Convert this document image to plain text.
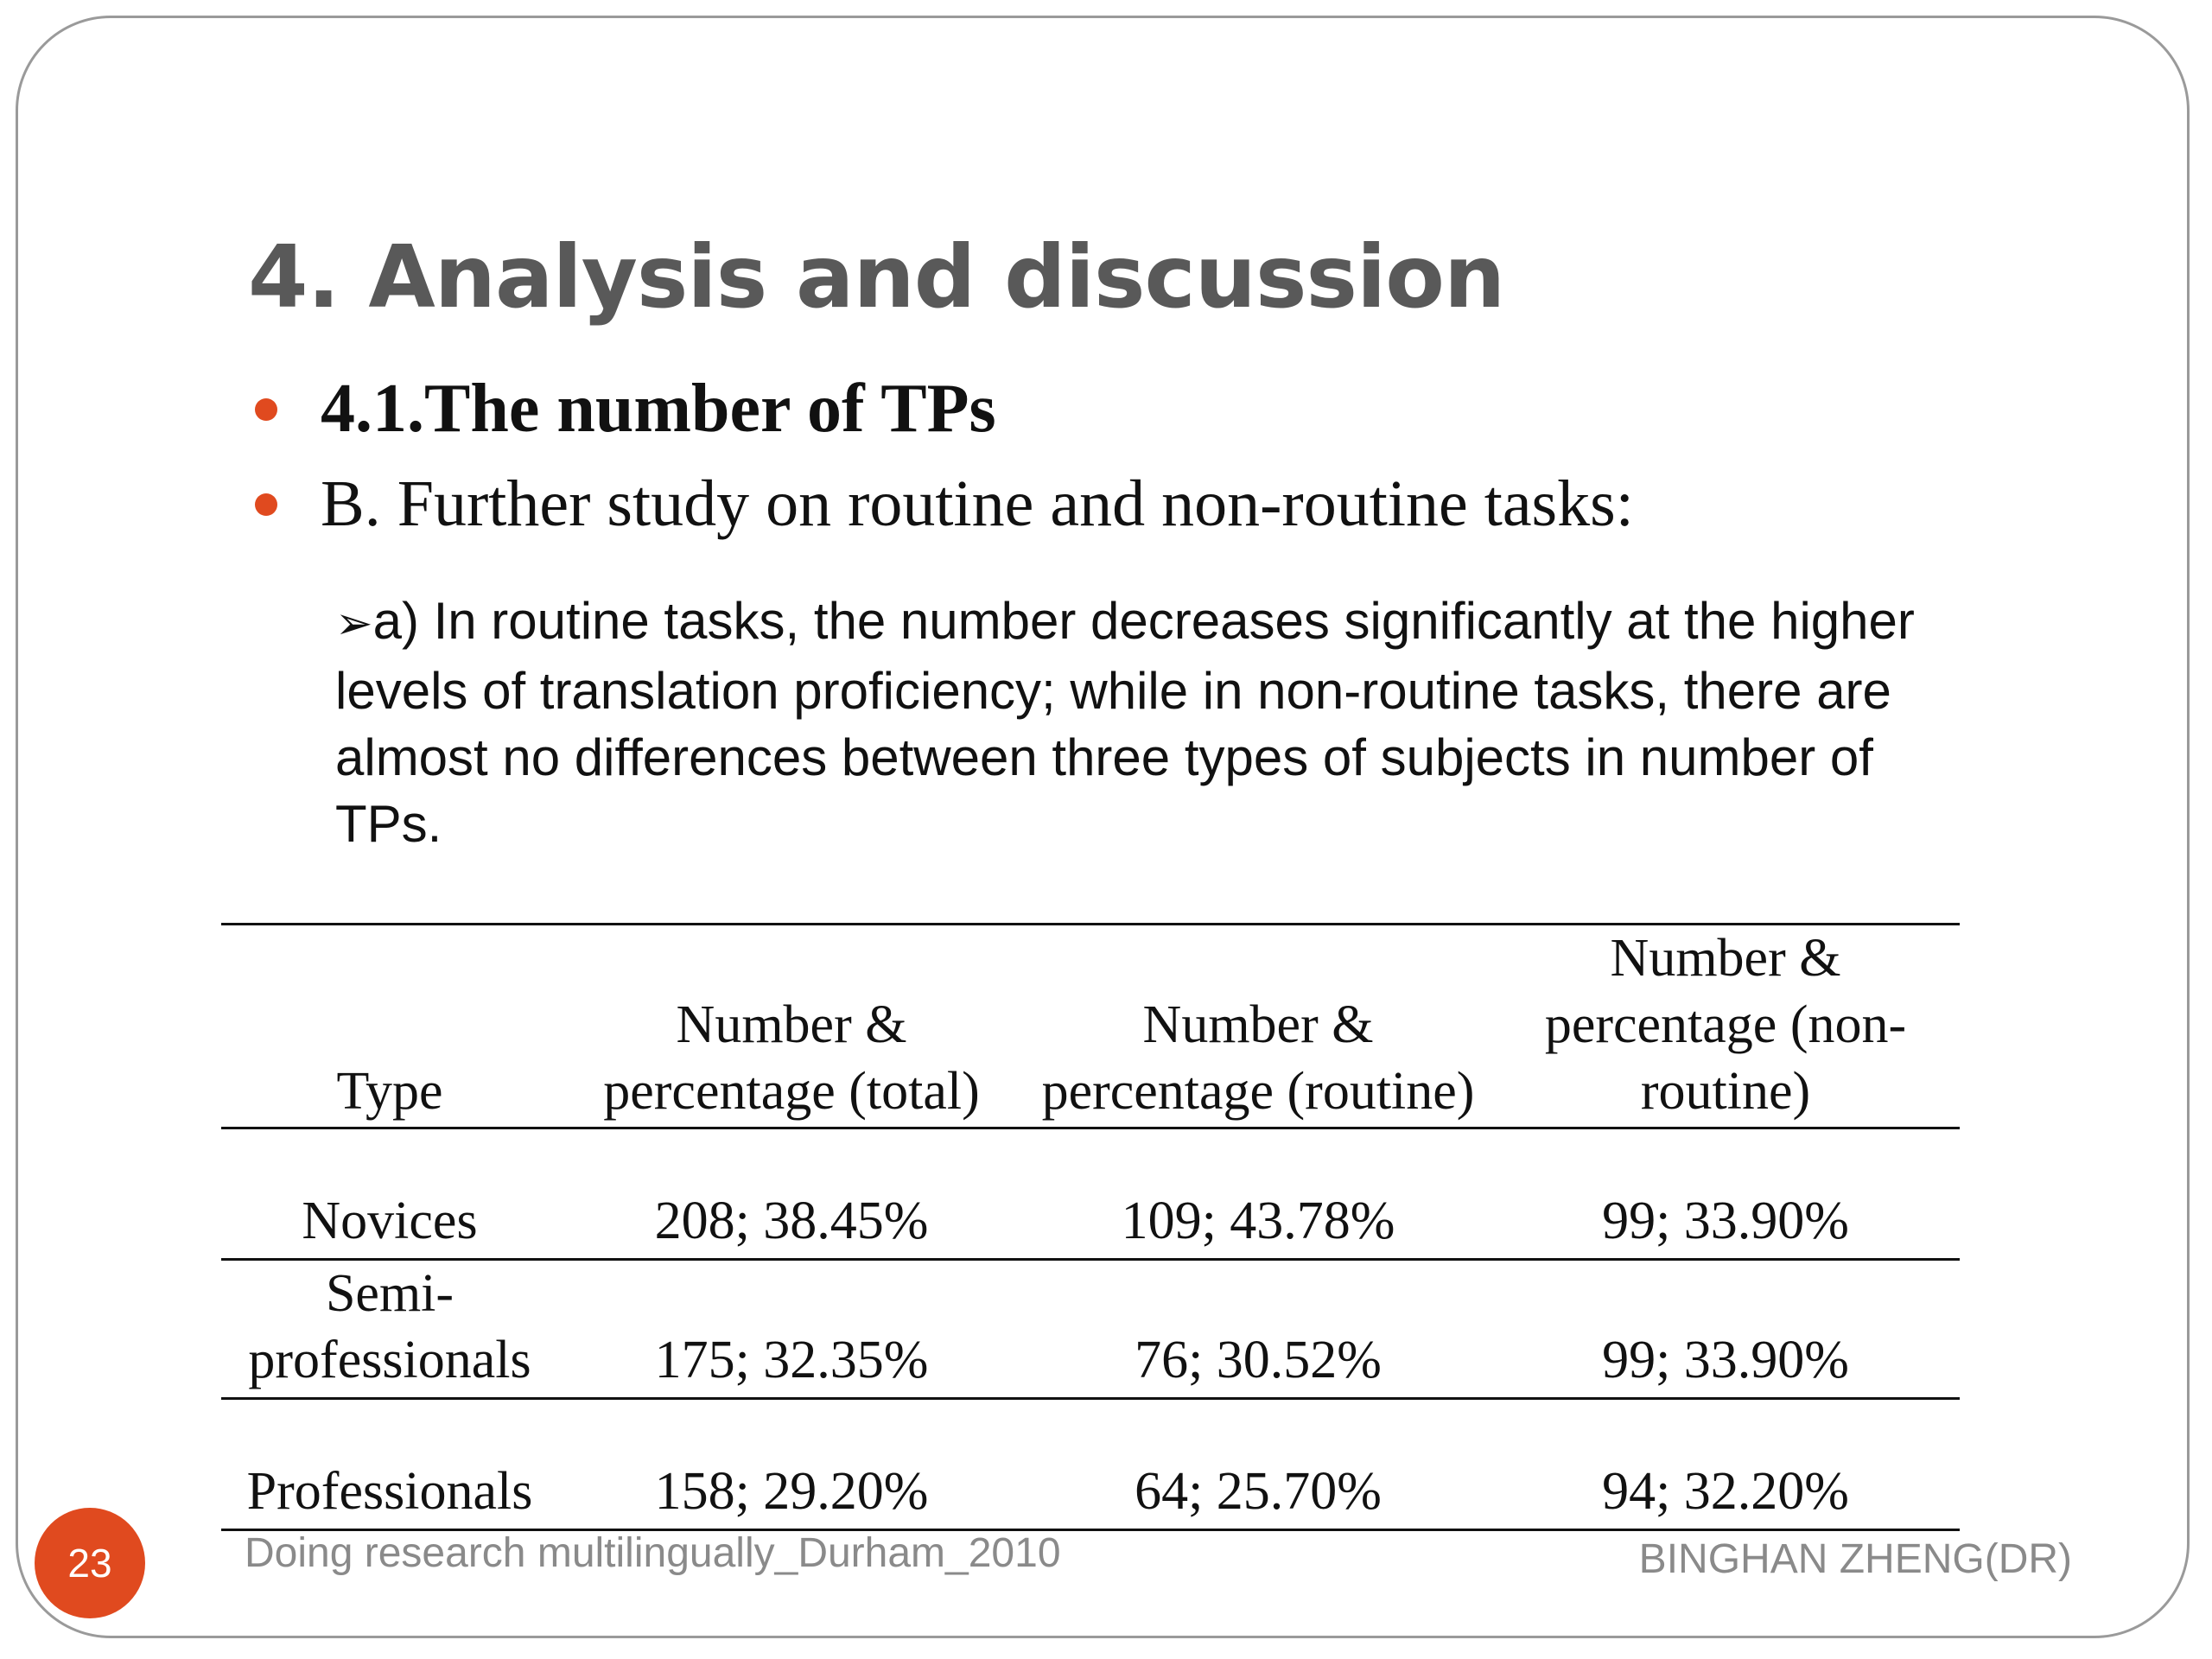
4. Analysis and discussion
4.1.The number of TPs
B. Further study on routine and non-routine tasks:
➢a) In routine tasks, the number decreases significantly at the higher levels of translation proficiency; while in non-routine tasks, there are almost no differences between three types of subjects in number of TPs.
Type	Number & percentage (total)	Number & percentage (routine)	Number & percentage (non-routine)
Novices	208; 38.45%	109; 43.78%	99; 33.90%
Semi-professionals	175; 32.35%	76; 30.52%	99; 33.90%
Professionals	158; 29.20%	64; 25.70%	94; 32.20%
23	Doing research multilingually_Durham_2010	BINGHAN ZHENG(DR)
